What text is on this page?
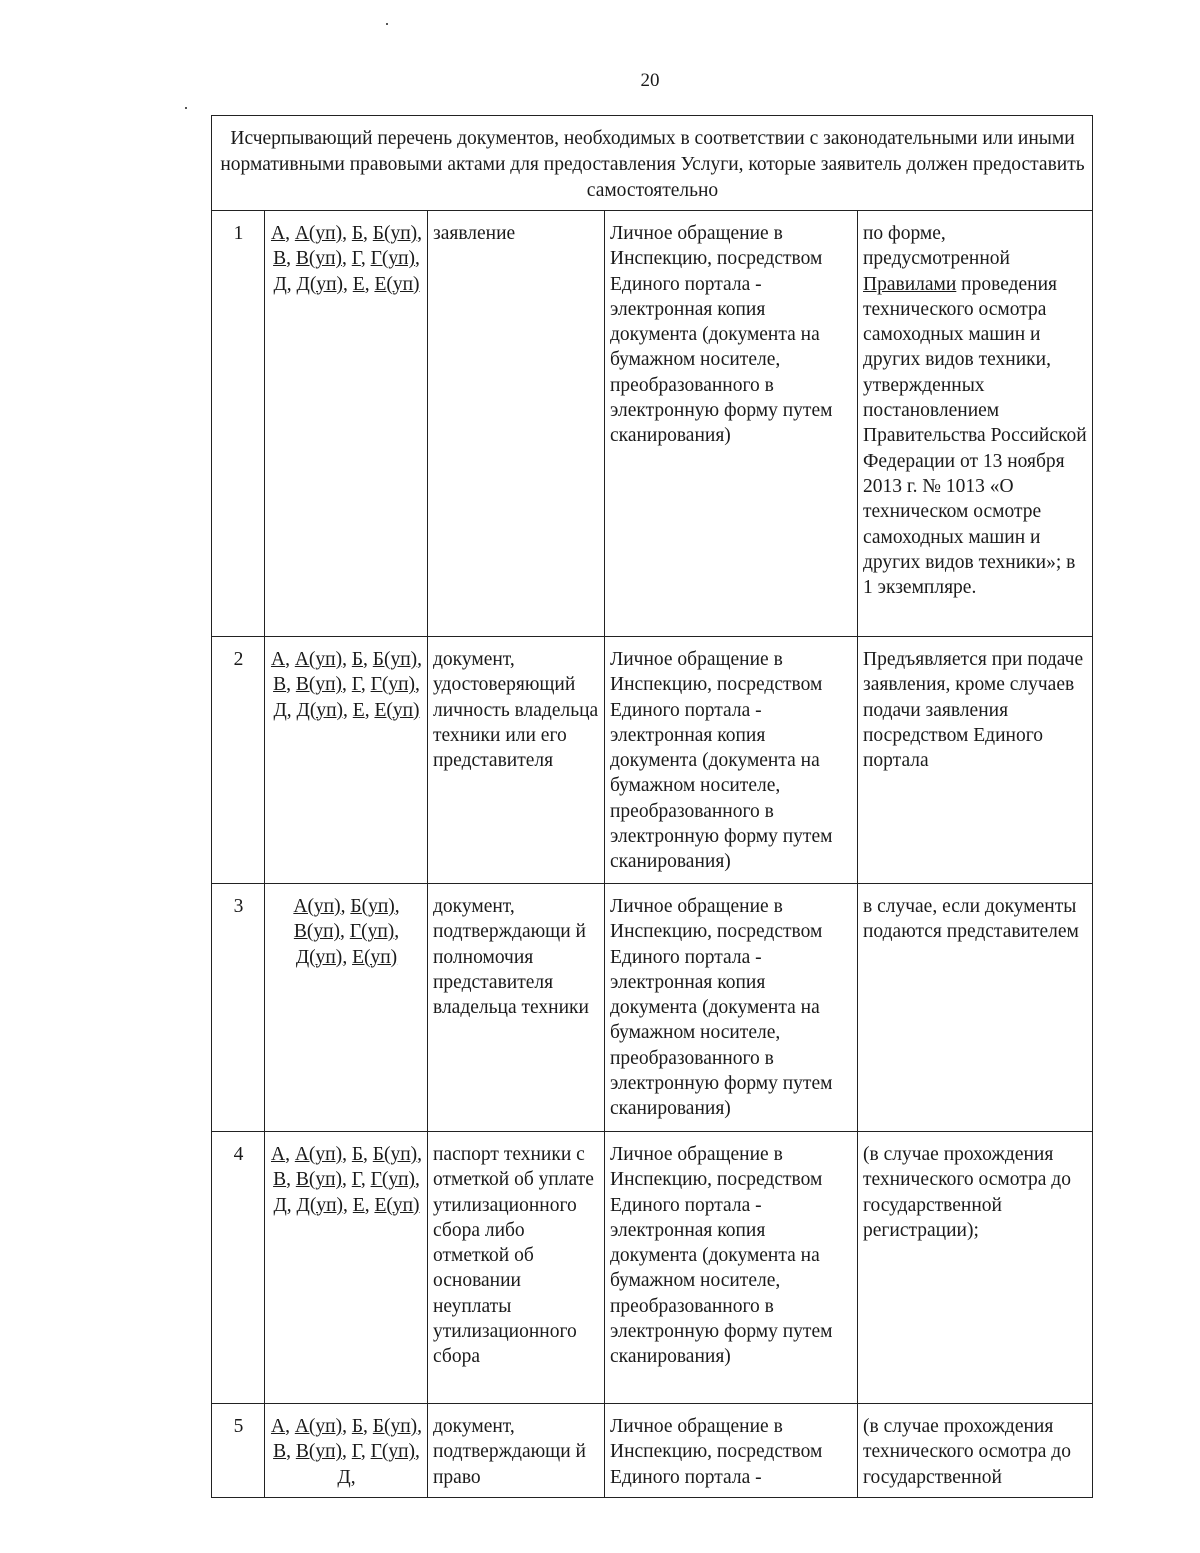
20
Исчерпывающий перечень документов, необходимых в соответствии с законодательными или иными нормативными правовыми актами для предоставления Услуги, которые заявитель должен предоставить самостоятельно				
1	А, А(уп), Б, Б(уп), В, В(уп), Г, Г(уп), Д, Д(уп), Е, Е(уп)	заявление	Личное обращение в Инспекцию, посредством Единого портала - электронная копия документа (документа на бумажном носителе, преобразованного в электронную форму путем сканирования)	по форме, предусмотренной Правилами проведения технического осмотра самоходных машин и других видов техники, утвержденных постановлением Правительства Российской Федерации от 13 ноября 2013 г. № 1013 «О техническом осмотре самоходных машин и других видов техники»; в 1 экземпляре.
2	А, А(уп), Б, Б(уп), В, В(уп), Г, Г(уп), Д, Д(уп), Е, Е(уп)	документ, удостоверяющий личность владельца техники или его представителя	Личное обращение в Инспекцию, посредством Единого портала - электронная копия документа (документа на бумажном носителе, преобразованного в электронную форму путем сканирования)	Предъявляется при подаче заявления, кроме случаев подачи заявления посредством Единого портала
3	А(уп), Б(уп), В(уп), Г(уп), Д(уп), Е(уп)	документ, подтверждающи й полномочия представителя владельца техники	Личное обращение в Инспекцию, посредством Единого портала - электронная копия документа (документа на бумажном носителе, преобразованного в электронную форму путем сканирования)	в случае, если документы подаются представителем
4	А, А(уп), Б, Б(уп), В, В(уп), Г, Г(уп), Д, Д(уп), Е, Е(уп)	паспорт техники с отметкой об уплате утилизационного сбора либо отметкой об основании неуплаты утилизационного сбора	Личное обращение в Инспекцию, посредством Единого портала - электронная копия документа (документа на бумажном носителе, преобразованного в электронную форму путем сканирования)	(в случае прохождения технического осмотра до государственной регистрации);
5	А, А(уп), Б, Б(уп), В, В(уп), Г, Г(уп), Д,	документ, подтверждающи й право	Личное обращение в Инспекцию, посредством Единого портала -	(в случае прохождения технического осмотра до государственной
